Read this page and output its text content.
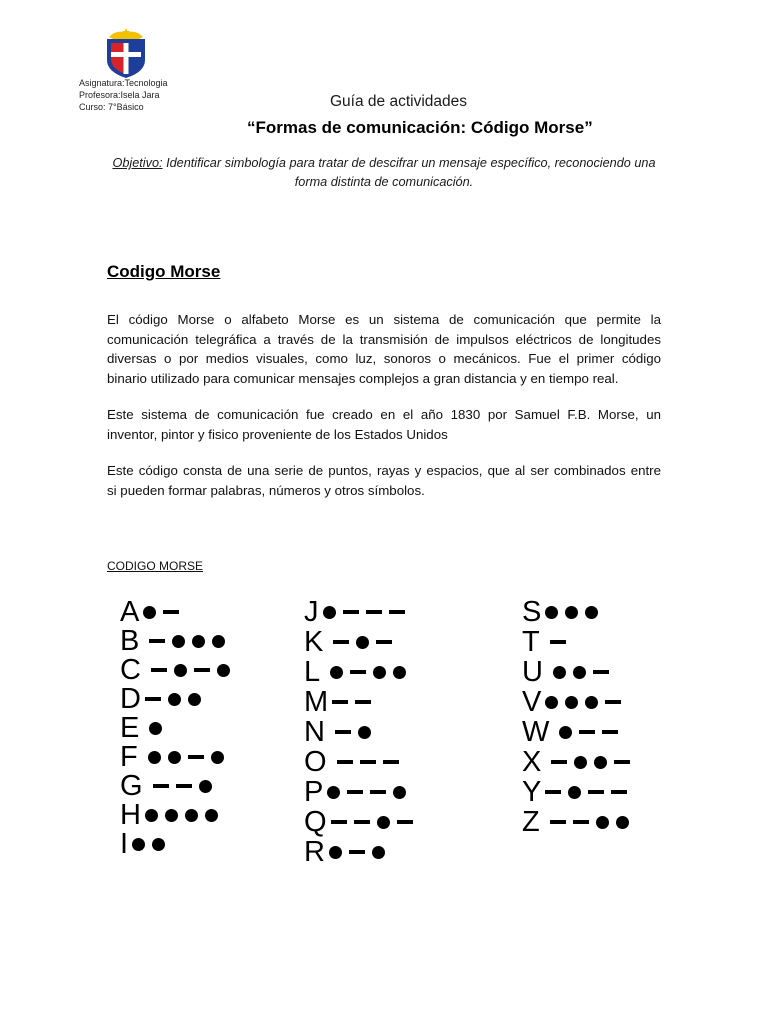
Asignatura:Tecnologia
Profesora:Isela Jara
Curso: 7°Básico	Guía de actividades
“Formas de comunicación: Código Morse”
Objetivo: Identificar simbología para tratar de descifrar un mensaje específico, reconociendo una
forma distinta de comunicación.
Codigo Morse
El código Morse o alfabeto Morse es un sistema de comunicación que permite la
comunicación telegráfica a través de la transmisión de impulsos eléctricos de longitudes
diversas o por medios visuales, como luz, sonoros o mecánicos. Fue el primer código
binario utilizado para comunicar mensajes complejos a gran distancia y en tiempo real.
Este sistema de comunicación fue creado en el año 1830 por Samuel F.B. Morse, un
inventor, pintor y fisico proveniente de los Estados Unidos
Este código consta de una serie de puntos, rayas y espacios, que al ser combinados entre
si pueden formar palabras, números y otros símbolos.
CODIGO MORSE
A
B
C
D
E
F
G
H
I
J
K
L
M
N
O
P
Q
R
S
T
U
V
W
X
Y
Z
